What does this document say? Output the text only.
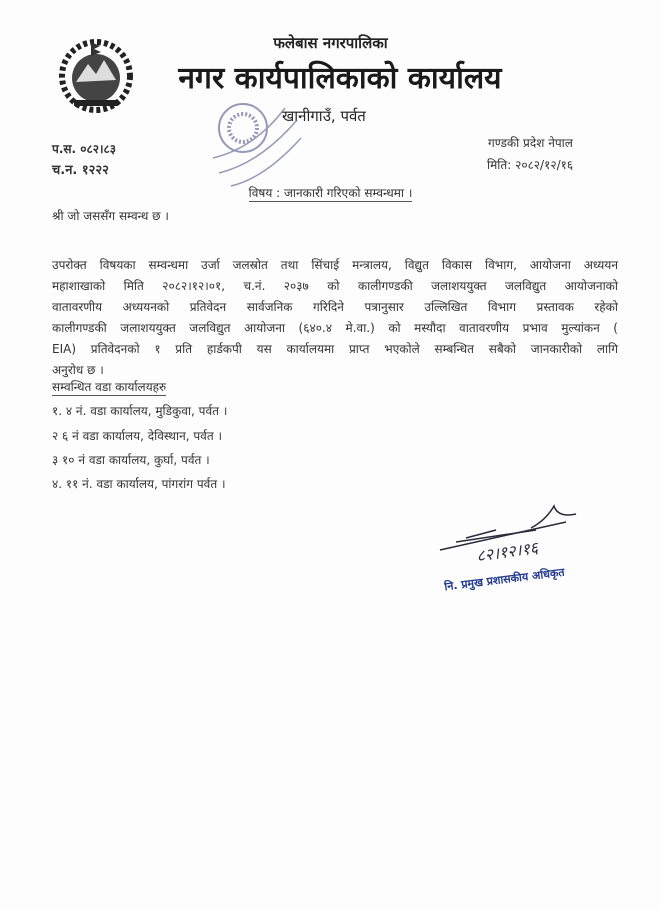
फलेबास नगरपालिका
नगर कार्यपालिकाको कार्यालय
खानीगाउँ, पर्वत
प.स. ०८२।८३
च.न. १२२२
गण्डकी प्रदेश नेपाल
मिति: २०८२/१२/१६
विषय : जानकारी गरिएको सम्वन्धमा ।
श्री जो जससँग सम्वन्ध छ ।
उपरोक्त विषयका सम्वन्धमा उर्जा जलस्रोत तथा सिंचाई मन्त्रालय, विद्युत विकास विभाग, आयोजना अध्ययन
महाशाखाको मिति २०८२।१२।०१, च.नं. २०३७ को कालीगण्डकी जलाशययुक्त जलविद्युत आयोजनाको
वातावरणीय अध्ययनको प्रतिवेदन सार्वजनिक गरिदिने पत्रानुसार उल्लिखित विभाग प्रस्तावक रहेको
कालीगण्डकी जलाशययुक्त जलविद्युत आयोजना (६४०.४ मे.वा.) को मस्यौदा वातावरणीय प्रभाव मुल्यांकन (
EIA) प्रतिवेदनको १ प्रति हार्डकपी यस कार्यालयमा प्राप्त भएकोले सम्बन्धित सबैको जानकारीको लागि
अनुरोध छ ।
सम्वन्धित वडा कार्यालयहरु
१. ४ नं. वडा कार्यालय, मुडिकुवा, पर्वत ।
२ ६ नं वडा कार्यालय, देविस्थान, पर्वत ।
३ १० नं वडा कार्यालय, कुर्घा, पर्वत ।
४. ११ नं. वडा कार्यालय, पांगरांग पर्वत ।
८२।१२।१६
नि. प्रमुख प्रशासकीय अधिकृत
